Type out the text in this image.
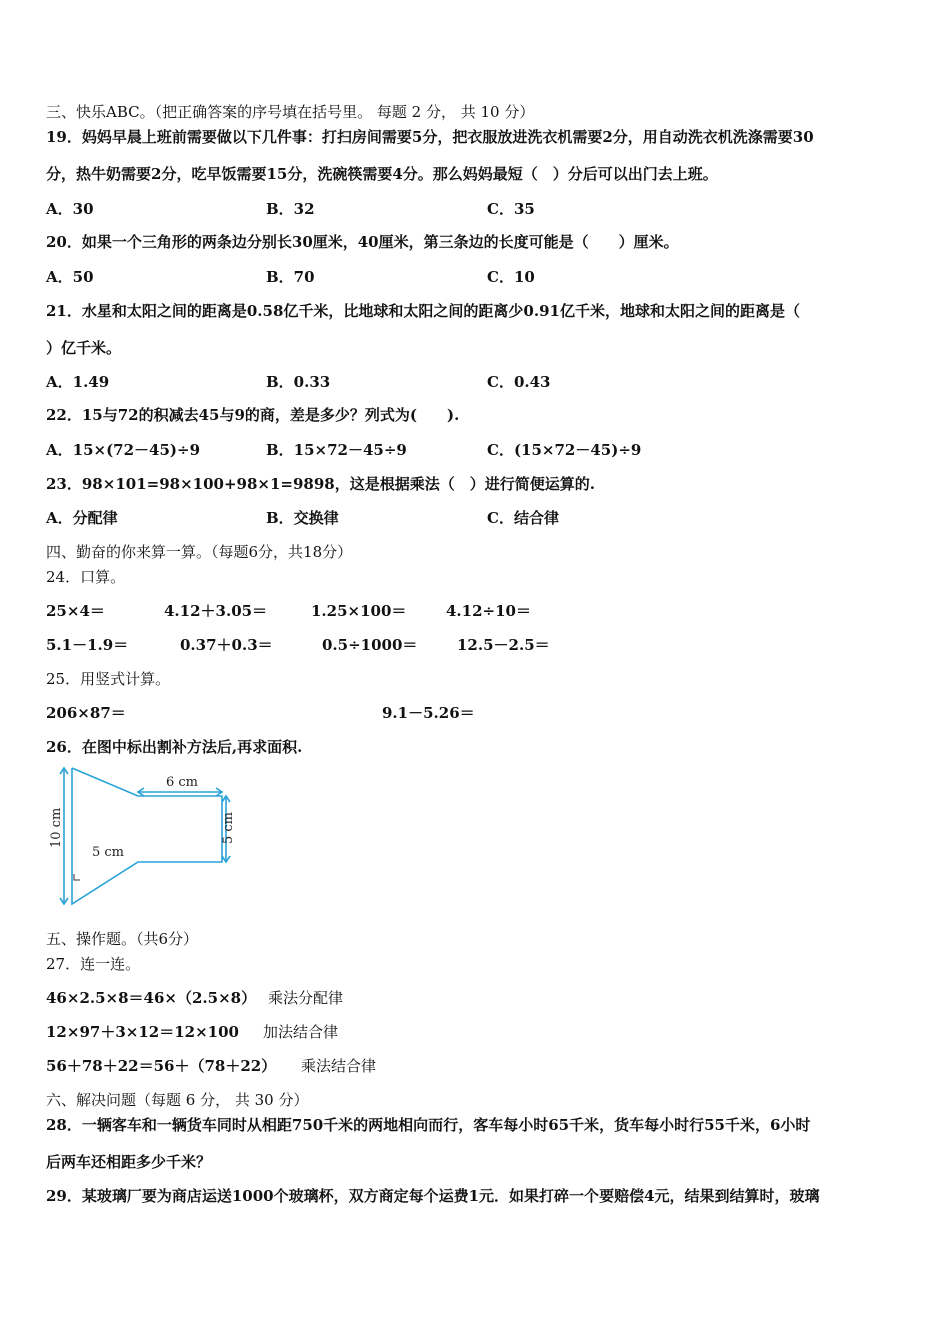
三、快乐ABC。（把正确答案的序号填在括号里。 每题 2 分， 共 10 分）
19．妈妈早晨上班前需要做以下几件事：打扫房间需要5分，把衣服放进洗衣机需要2分，用自动洗衣机洗涤需要30
分，热牛奶需要2分，吃早饭需要15分，洗碗筷需要4分。那么妈妈最短（　）分后可以出门去上班。
A．30	B．32	C．35
20．如果一个三角形的两条边分别长30厘米，40厘米，第三条边的长度可能是（　　）厘米。
A．50	B．70	C．10
21．水星和太阳之间的距离是0.58亿千米，比地球和太阳之间的距离少0.91亿千米，地球和太阳之间的距离是（
）亿千米。
A．1.49	B．0.33	C．0.43
22．15与72的积减去45与9的商，差是多少？列式为(　　).
A．15×(72－45)÷9	B．15×72－45÷9	C．(15×72－45)÷9
23．98×101=98×100+98×1=9898，这是根据乘法（　）进行简便运算的.
A．分配律	B．交换律	C．结合律
四、勤奋的你来算一算。（每题6分，共18分）
24．口算。
25×4＝	4.12＋3.05＝	1.25×100＝	4.12÷10＝
5.1－1.9＝	0.37＋0.3＝	0.5÷1000＝	12.5－2.5＝
25．用竖式计算。
206×87＝	9.1－5.26＝
26．在图中标出割补方法后,再求面积.
6 cm
5 cm
5 cm
10 cm
五、操作题。（共6分）
27．连一连。
46×2.5×8＝46×（2.5×8） 乘法分配律
12×97＋3×12＝12×100 加法结合律
56＋78＋22＝56＋（78＋22） 乘法结合律
六、解决问题（每题 6 分， 共 30 分）
28．一辆客车和一辆货车同时从相距750千米的两地相向而行，客车每小时65千米，货车每小时行55千米，6小时
后两车还相距多少千米？
29．某玻璃厂要为商店运送1000个玻璃杯，双方商定每个运费1元．如果打碎一个要赔偿4元，结果到结算时，玻璃
